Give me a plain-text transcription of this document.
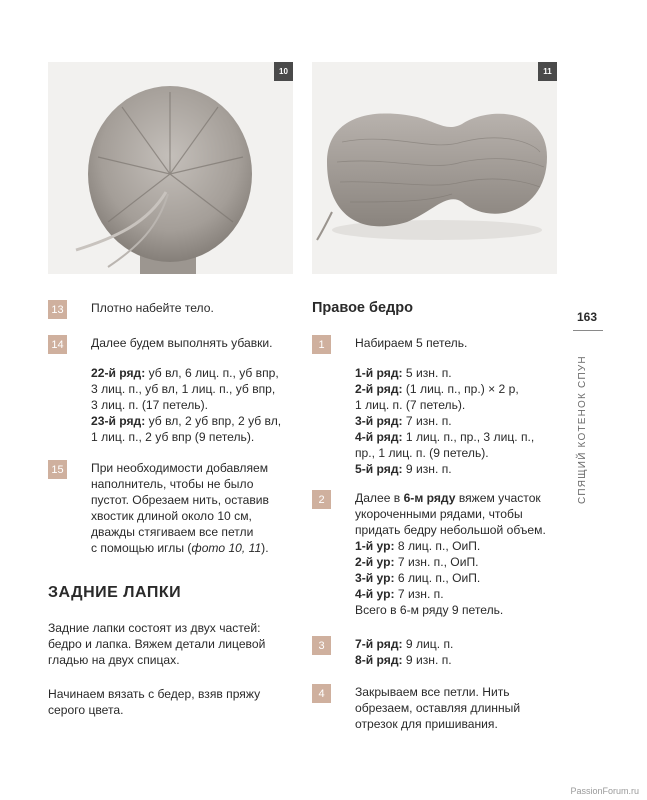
10	11
13 Плотно набейте тело.
14 Далее будем выполнять убавки.
22-й ряд: уб вл, 6 лиц. п., уб впр,
3 лиц. п., уб вл, 1 лиц. п., уб впр,
3 лиц. п. (17 петель).
23-й ряд: уб вл, 2 уб впр, 2 уб вл,
1 лиц. п., 2 уб впр (9 петель).
15 При необходимости добавляем
наполнитель, чтобы не было
пустот. Обрезаем нить, оставив
хвостик длиной около 10 см,
дважды стягиваем все петли
с помощью иглы (фото 10, 11).
ЗАДНИЕ ЛАПКИ
Задние лапки состоят из двух частей:
бедро и лапка. Вяжем детали лицевой
гладью на двух спицах.
Начинаем вязать с бедер, взяв пряжу
серого цвета.
Правое бедро
1	Набираем 5 петель.
1-й ряд: 5 изн. п.
2-й ряд: (1 лиц. п., пр.) × 2 р,
1 лиц. п. (7 петель).
3-й ряд: 7 изн. п.
4-й ряд: 1 лиц. п., пр., 3 лиц. п.,
пр., 1 лиц. п. (9 петель).
5-й ряд: 9 изн. п.
2	Далее в 6-м ряду вяжем участок
укороченными рядами, чтобы
придать бедру небольшой объем.
1-й ур: 8 лиц. п., ОиП.
2-й ур: 7 изн. п., ОиП.
3-й ур: 6 лиц. п., ОиП.
4-й ур: 7 изн. п.
Всего в 6-м ряду 9 петель.
3	7-й ряд: 9 лиц. п.
8-й ряд: 9 изн. п.
4	Закрываем все петли. Нить
обрезаем, оставляя длинный
отрезок для пришивания.
163
СПЯЩИЙ КОТЕНОК СПУН
PassionForum.ru
